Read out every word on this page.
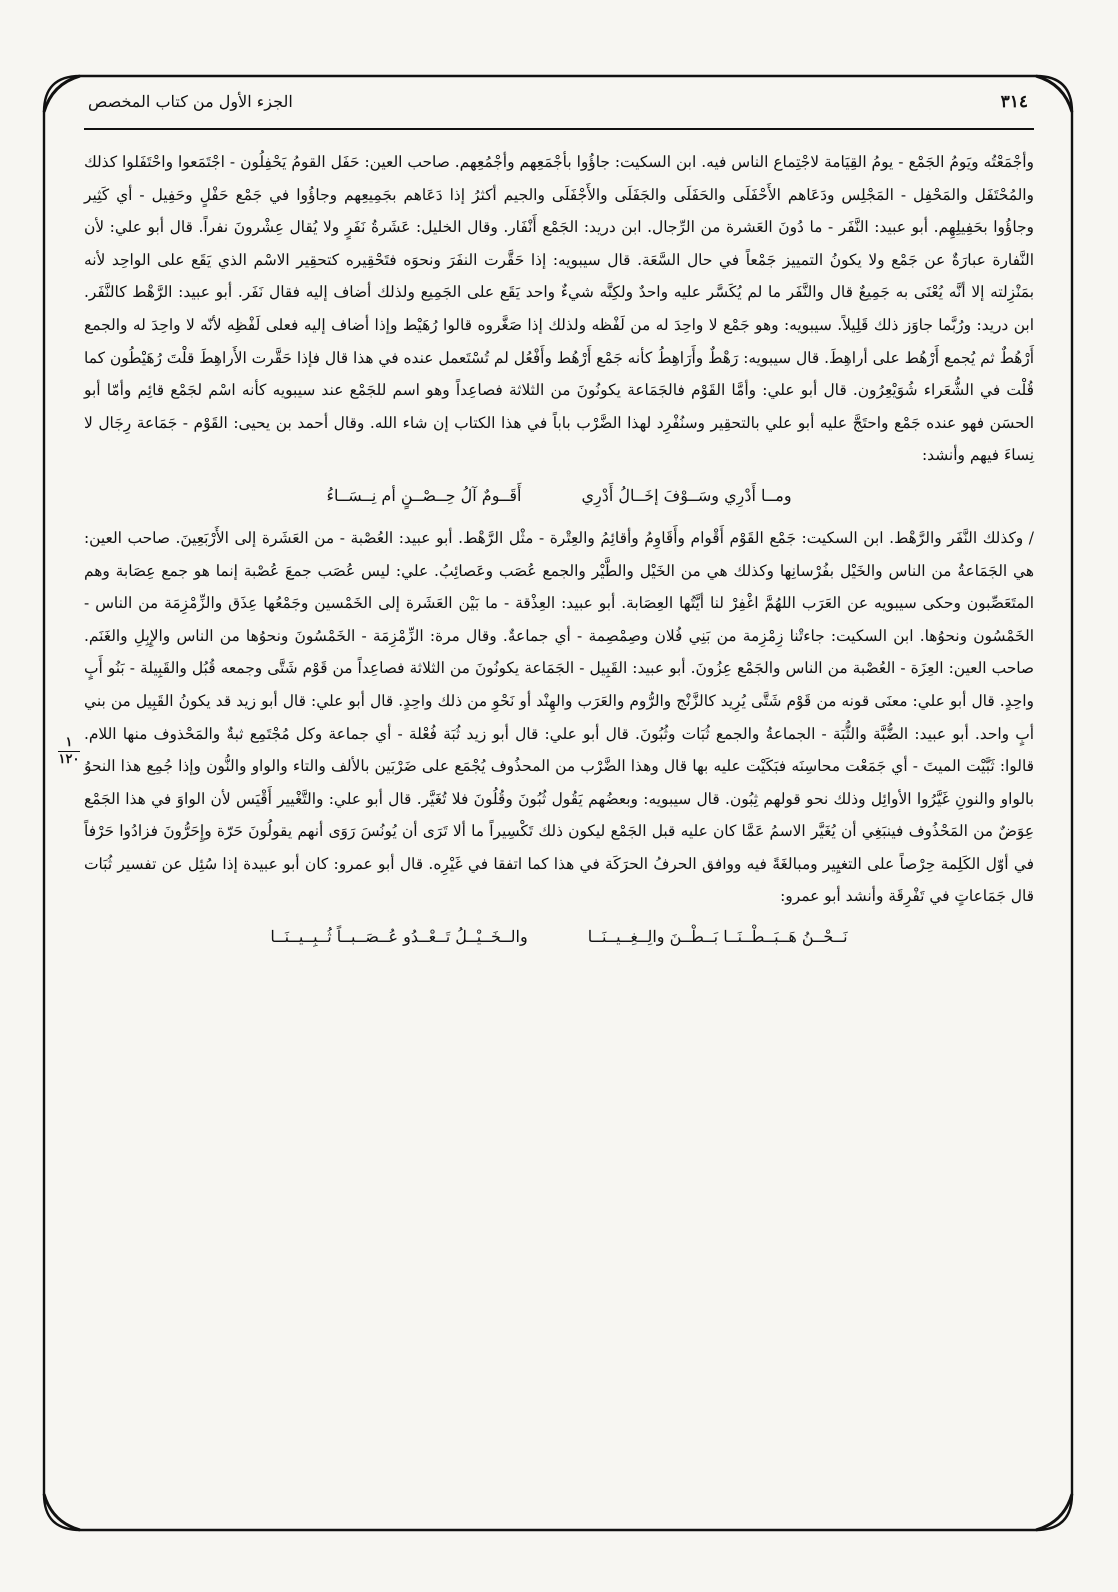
٣١٤
الجزء الأول من كتاب المخصص
١
١٢٠

وأجْمَعْتُه ويَومُ الجَمْع - يومُ القِيَامة لاجْتِماع الناس فيه. ابن السكيت: جاؤُوا بأجْمَعِهم وأجْمُعِهم. صاحب العين: حَفَل القومُ يَحْفِلُون - اجْتَمَعوا واحْتَفَلوا كذلك والمُحْتَفَل والمَحْفِل - المَجْلِس ودَعَاهم الأَحْفَلَى والحَفَلَى والجَفَلَى والأَجْفَلَى والجيم أكثرُ إذا دَعَاهم بجَمِيعِهم وجاؤُوا في جَمْع حَفْلٍ وحَفِيل - أي كَثِير وجاؤُوا بحَفِيلِهِم. أبو عبيد: النَّفَر - ما دُونَ العَشرة من الرِّجال. ابن دريد: الجَمْع أَنْفَار. وقال الخليل: عَشَرةُ نَفَرٍ ولا يُقال عِشْرونَ نفراً. قال أبو علي: لأن النَّفارة عبارَةٌ عن جَمْع ولا يكونُ التمييز جَمْعاً في حال السَّعَة. قال سيبويه: إذا حَقَّرت النفَرَ ونحوَه فتَحْقِيره كتحقِير الاسْم الذي يَقَع على الواحِد لأنه بمَنْزِلته إلا أنَّه يُعْنَى به جَمِيعٌ قال والنَّفَر ما لم يُكَسَّر عليه واحدٌ ولكِنَّه شيءٌ واحد يَقَع على الجَمِيع ولذلك أضاف إليه فقال نَفَر. أبو عبيد: الرَّهْط كالنَّفَر. ابن دريد: ورُبَّما جاوَز ذلك قَلِيلاً. سيبويه: وهو جَمْع لا واحِدَ له من لَفْظه ولذلك إذا صَغَّروه قالوا رُهَيْط وإذا أضاف إليه فعلى لَفْظِه لأنّه لا واحِدَ له والجمع أَرْهُطٌ ثم يُجمع أَرْهُط على أراهِطَ. قال سيبويه: رَهْطٌ وأَرَاهِطُ كأنه جَمْع أَرْهُط وأَفْعُل لم تُسْتَعمل عنده في هذا قال فإذا حَقَّرت الأَراهِطَ قلْتَ رُهَيْطُون كما قُلْت في الشُّعَراء شُوَيْعِرُون. قال أبو علي: وأمَّا القَوْم فالجَمَاعة يكونُونَ من الثلاثة فصاعِداً وهو اسم للجَمْع عند سيبويه كأنه اسْم لجَمْع قائِم وأمّا أبو الحسَن فهو عنده جَمْع واحتَجَّ عليه أبو علي بالتحقِير وسنُفْرِد لهذا الضَّرْب باباً في هذا الكتاب إن شاء الله. وقال أحمد بن يحيى: القَوْم - جَمَاعة رِجَال لا نِساءَ فيهم وأنشد:

ومــا أَدْرِي وسَــوْفَ إخَــالُ أَدْرِي
أَقَــومٌ آلُ حِــصْــنٍ أم نِــسَــاءُ

/ وكذلك النَّفَر والرَّهْط. ابن السكيت: جَمْع القَوْم أَقْوام وأَقَاوِمُ وأقائِمُ والعِتْرة - مثْل الرَّهْط. أبو عبيد: العُصْبة - من العَشَرة إلى الأَرْبَعِينَ. صاحب العين: هي الجَمَاعةُ من الناس والخَيْل بفُرْسانِها وكذلك هي من الخَيْل والطَّيْر والجمع عُصَب وعَصائِبُ. علي: ليس عُصَب جمعَ عُصْبة إنما هو جمع عِصَابة وهم المتَعَصِّبون وحكى سيبويه عن العَرَب اللهُمَّ اغْفِرْ لنا أيَّتُها العِصَابة. أبو عبيد: العِذْقة - ما بَيْن العَشَرة إلى الخَمْسين وجَمْعُها عِذَق والزِّمْزِمَة من الناس - الخَمْسُون ونحوُها. ابن السكيت: جاءتْنا زِمْزِمة من بَنِي فُلان وصِمْصِمة - أي جماعةٌ. وقال مرة: الزِّمْزِمَة - الخَمْسُونَ ونحوُها من الناس والإِبِلِ والغَنَم. صاحب العين: العِزَة - العُصْبة من الناس والجَمْع عِزُونَ. أبو عبيد: القَبِيل - الجَمَاعة يكونُونَ من الثلاثة فصاعِداً من قَوْم شَتَّى وجمعه قُبُل والقَبِيلة - بَنُو أَبٍ واحِدٍ. قال أبو علي: معنَى قونه من قَوْم شَتَّى يُرِيد كالزَّنْج والرُّوم والعَرَب والهِنْد أو نَحْوِ من ذلك واحِدٍ. قال أبو علي: قال أبو زيد قد يكونُ القَبِيل من بني أبٍ واحد. أبو عبيد: الضُّبَّة والثُّبَة - الجماعةُ والجمع ثُبَات وثُبُونَ. قال أبو علي: قال أبو زيد ثُبَة فُعْلة - أي جماعة وكل مُجْتَمِع ثبةٌ والمَحْذوف منها اللام. قالوا: ثَبَّيْت الميتَ - أي جَمَعْت محاسِنَه فبَكَيْت عليه بها قال وهذا الضَّرْب من المحذُوف يُجْمَع على ضَرْبَين بالألف والتاء والواو والنُّون وإذا جُمِع هذا النحوُ بالواو والنونِ غَيَّرُوا الأوائِل وذلك نحو قولهم ثِبُون. قال سيبويه: وبعضُهم يَقُول ثُبُونَ وقُلُونَ فلا تُغَيَّر. قال أبو علي: والتَّغْيير أَقْيَس لأن الواوَ في هذا الجَمْع عِوَضٌ من المَحْذُوف فينبَغِي أن يُغَيَّر الاسمُ عَمَّا كان عليه قبل الجَمْع ليكون ذلك تَكْسِيراً ما ألا تَرَى أن يُونُسَ رَوَى أنهم يقولُونَ حَرّة وإِحَرُّونَ فزادُوا حَرْفاً في أوّل الكَلِمة حِرْصاً على التغيِير ومبالغَةً فيه ووافق الحرفُ الحرَكَة في هذا كما اتفقا في غَيْرِه. قال أبو عمرو: كان أبو عبيدة إذا سُئِل عن تفسير ثُبَات قال جَمَاعاتٍ في تَفْرِقَة وأنشد أبو عمرو:

نَــحْــنُ هَــبَــطْــنَــا بَــطْــنَ والِــغِــيــنَــا
والــخَــيْــلُ تَــعْــدُو عُــصَــبــاً ثُــبِــيــنَــا
